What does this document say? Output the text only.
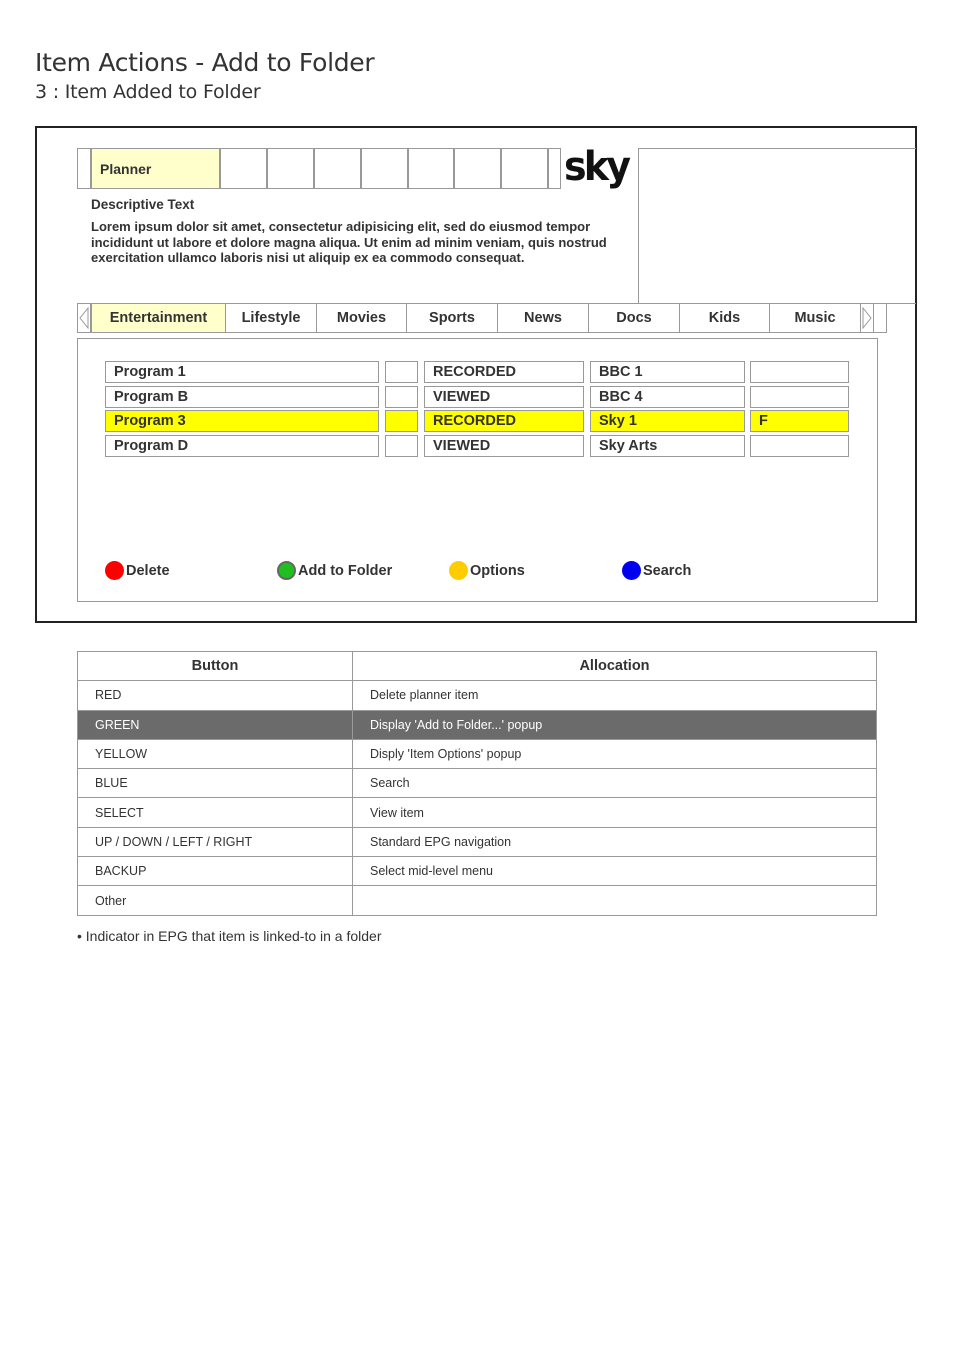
Item Actions - Add to Folder
3 : Item Added to Folder
Planner	sky
Descriptive Text
Lorem ipsum dolor sit amet, consectetur adipisicing elit, sed do eiusmod tempor incididunt ut labore et dolore magna aliqua. Ut enim ad minim veniam, quis nostrud exercitation ullamco laboris nisi ut aliquip ex ea commodo consequat.
Entertainment	Lifestyle	Movies	Sports	News	Docs	Kids	Music
Program 1	RECORDED	BBC 1
Program B	VIEWED	BBC 4
Program 3	RECORDED	Sky 1	F
Program D	VIEWED	Sky Arts
Delete	Add to Folder	Options	Search
Button	Allocation
RED	Delete planner item
GREEN	Display 'Add to Folder...' popup
YELLOW	Disply 'Item Options' popup
BLUE	Search
SELECT	View item
UP / DOWN / LEFT / RIGHT	Standard EPG navigation
BACKUP	Select mid-level menu
Other	
• Indicator in EPG that item is linked-to in a folder
